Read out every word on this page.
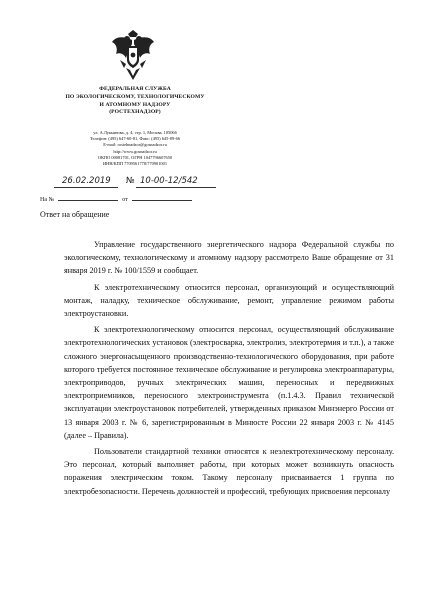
ФЕДЕРАЛЬНАЯ СЛУЖБА
ПО ЭКОЛОГИЧЕСКОМУ, ТЕХНОЛОГИЧЕСКОМУ
И АТОМНОМУ НАДЗОРУ
(РОСТЕХНАДЗОР)
ул. А.Лукьянова, д. 4, стр. 1, Москва, 105066
Телефон: (495) 647-60-81, Факс: (495) 645-89-66
E-mail: rostehnadzor@gosnadzor.ru
http://www.gosnadzor.ru
ОКПО 00081701, ОГРН 1047796607650
ИНН/КПП 7709561778/770901001
26.02.2019 № 10-00-12/542
На №	от
Ответ на обращение

Управление государственного энергетического надзора Федеральной службы по экологическому, технологическому и атомному надзору рассмотрело Ваше обращение от 31 января 2019 г. № 100/1559 и сообщает.

К электротехническому относится персонал, организующий и осуществляющий монтаж, наладку, техническое обслуживание, ремонт, управление режимом работы электроустановки.

К электротехнологическому относится персонал, осуществляющий обслуживание электротехнологических установок (электросварка, электролиз, электротермия и т.п.), а также сложного энергонасыщенного производственно-технологического оборудования, при работе которого требуется постоянное техническое обслуживание и регулировка электроаппаратуры, электроприводов, ручных электрических машин, переносных и передвижных электроприемников, переносного электроинструмента (п.1.4.3. Правил технической эксплуатации электроустановок потребителей, утвержденных приказом Минэнерго России от 13 января 2003 г. № 6, зарегистрированным в Минюсте России 22 января 2003 г. № 4145 (далее – Правила).

Пользователи стандартной техники относятся к неэлектротехническому персоналу. Это персонал, который выполняет работы, при которых может возникнуть опасность поражения электрическим током. Такому персоналу присваивается 1 группа по электробезопасности. Перечень должностей и профессий, требующих присвоения персоналу
